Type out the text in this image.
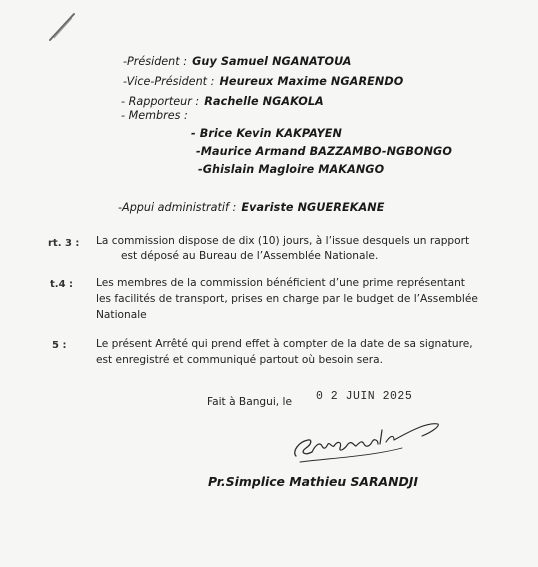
-Président : Guy Samuel NGANATOUA
-Vice-Président : Heureux Maxime NGARENDO
- Rapporteur : Rachelle NGAKOLA
- Membres :
- Brice Kevin KAKPAYEN
-Maurice Armand BAZZAMBO-NGBONGO
-Ghislain Magloire MAKANGO
-Appui administratif : Evariste NGUEREKANE
rt. 3 : La commission dispose de dix (10) jours, à l’issue desquels un rapport
est déposé au Bureau de l’Assemblée Nationale.
t.4 : Les membres de la commission bénéficient d’une prime représentant
les facilités de transport, prises en charge par le budget de l’Assemblée
Nationale
5 :	Le présent Arrêté qui prend effet à compter de la date de sa signature,
est enregistré et communiqué partout où besoin sera.
Fait à Bangui, le 0 2 JUIN 2025
Pr.Simplice Mathieu SARANDJI
